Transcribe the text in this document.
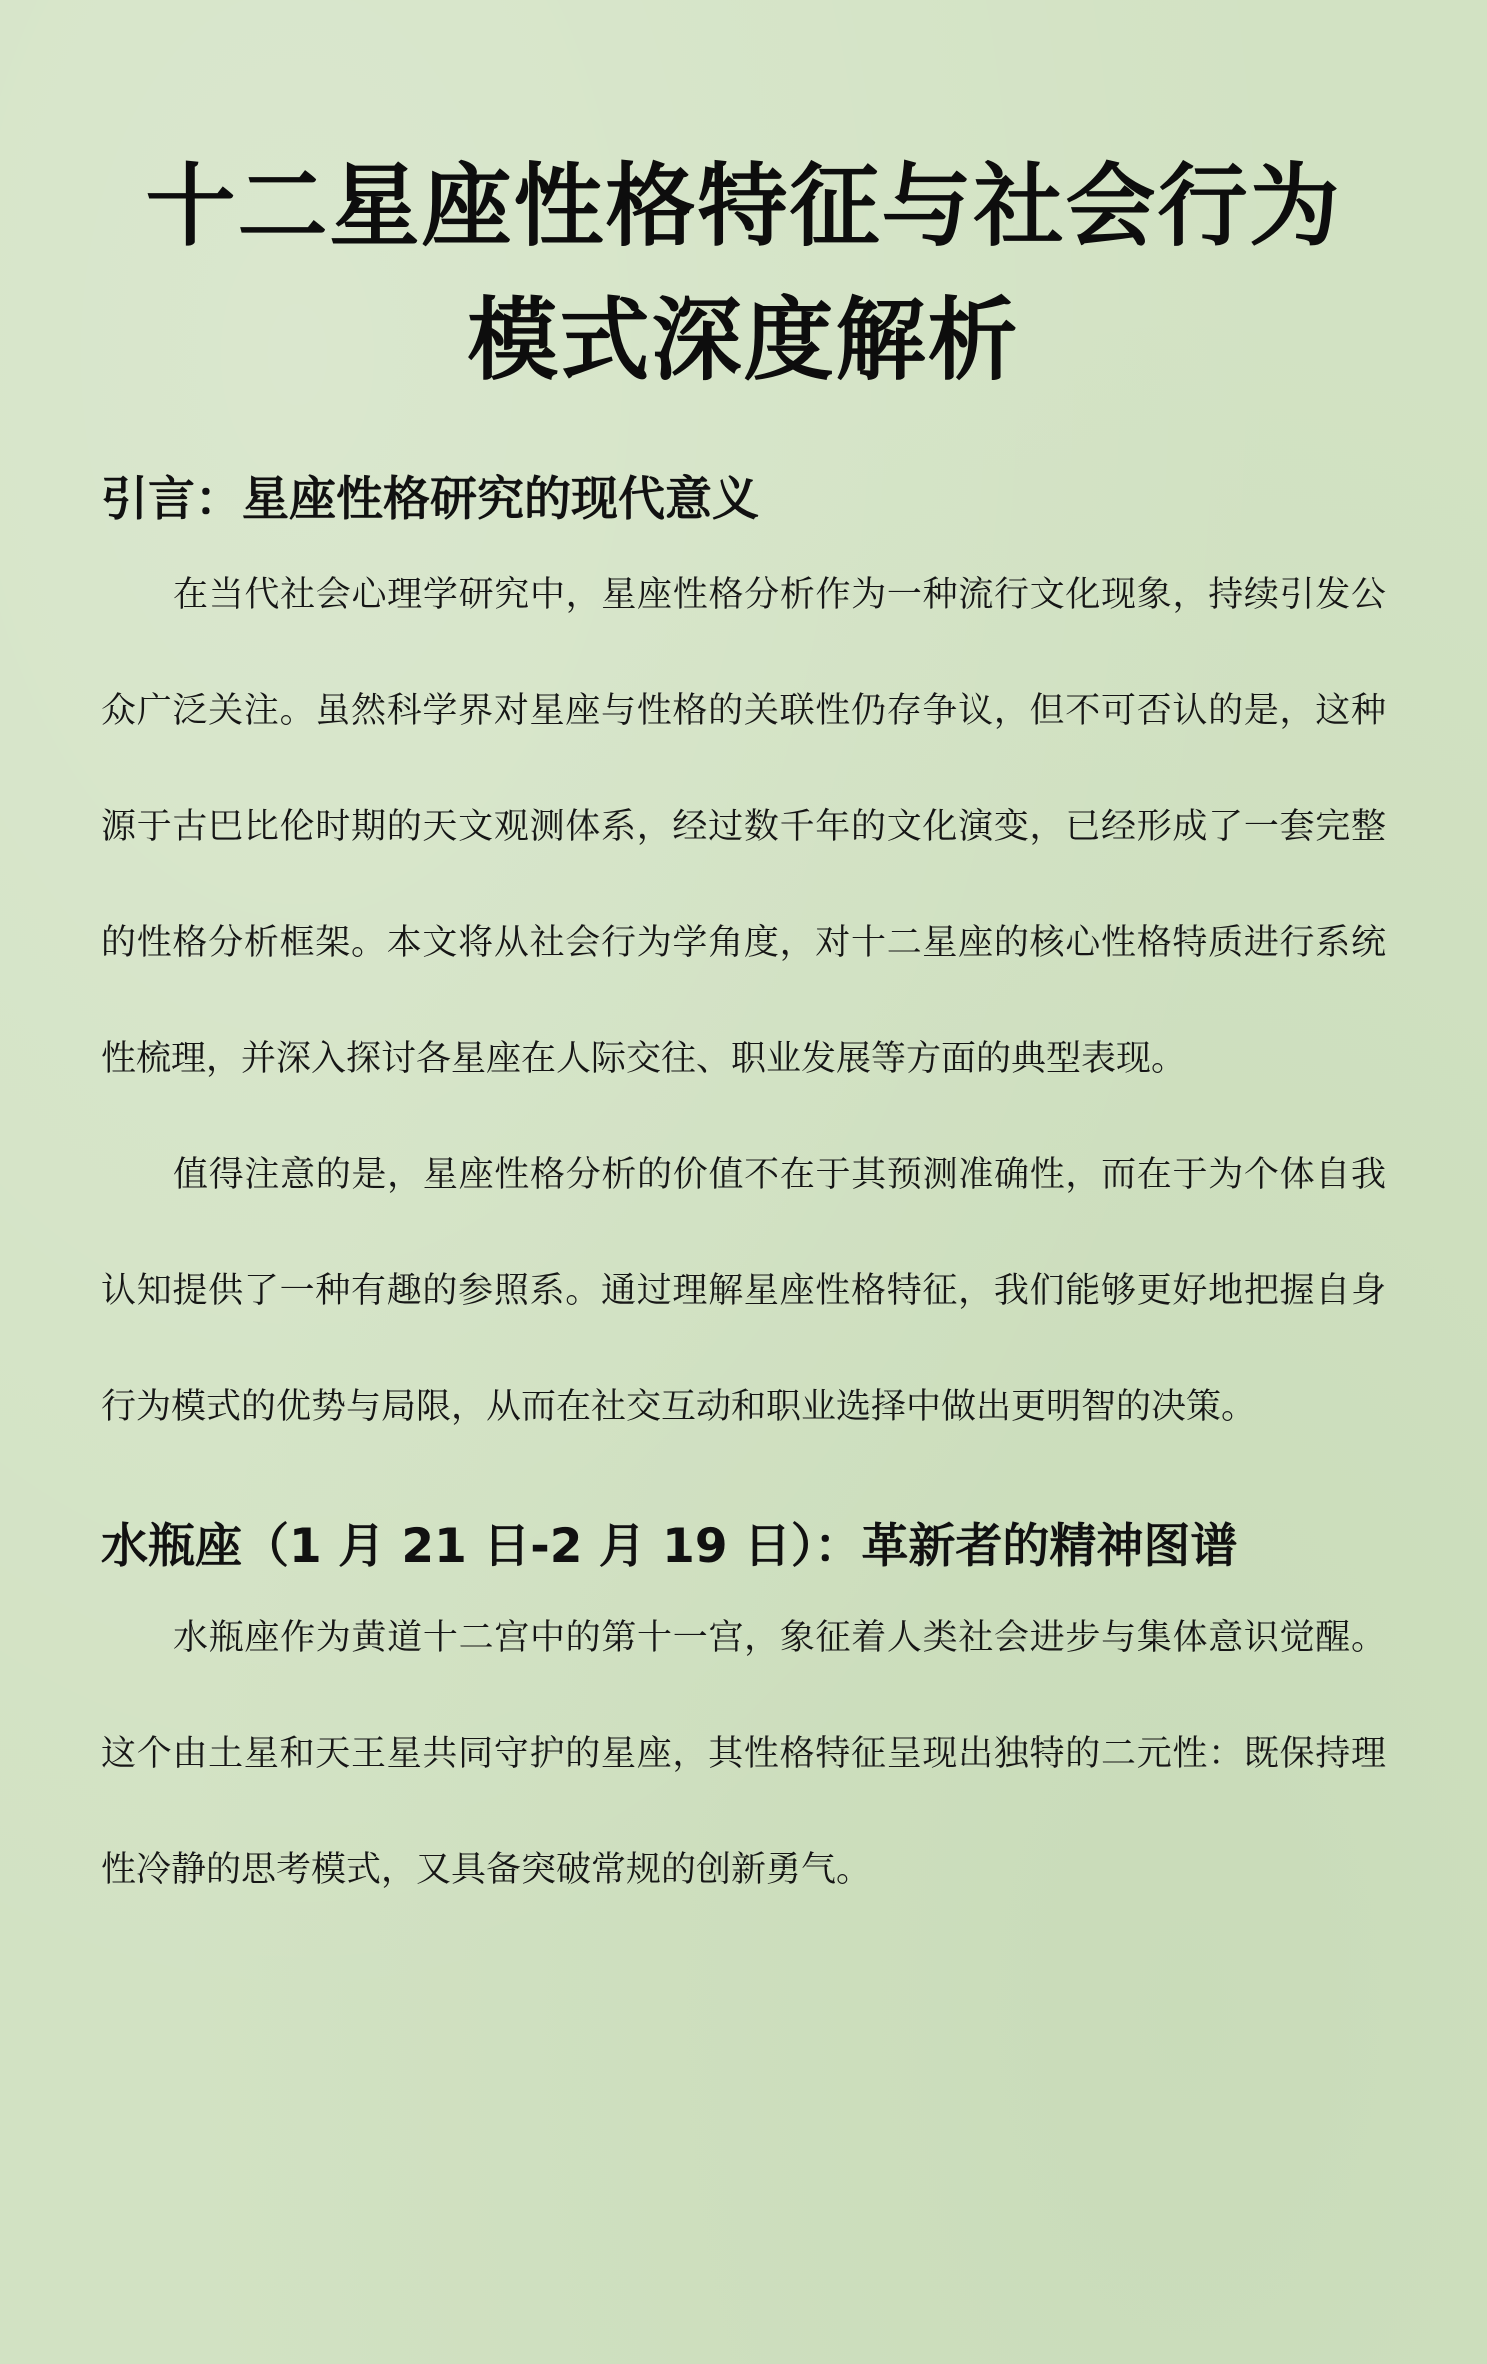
十二星座性格特征与社会行为
模式深度解析
引言：星座性格研究的现代意义

在当代社会心理学研究中，星座性格分析作为一种流行文化现象，持续引发公众广泛关注。虽然科学界对星座与性格的关联性仍存争议，但不可否认的是，这种源于古巴比伦时期的天文观测体系，经过数千年的文化演变，已经形成了一套完整的性格分析框架。本文将从社会行为学角度，对十二星座的核心性格特质进行系统性梳理，并深入探讨各星座在人际交往、职业发展等方面的典型表现。

值得注意的是，星座性格分析的价值不在于其预测准确性，而在于为个体自我认知提供了一种有趣的参照系。通过理解星座性格特征，我们能够更好地把握自身行为模式的优势与局限，从而在社交互动和职业选择中做出更明智的决策。

水瓶座（1 月 21 日-2 月 19 日）：革新者的精神图谱

水瓶座作为黄道十二宫中的第十一宫，象征着人类社会进步与集体意识觉醒。这个由土星和天王星共同守护的星座，其性格特征呈现出独特的二元性：既保持理性冷静的思考模式，又具备突破常规的创新勇气。
